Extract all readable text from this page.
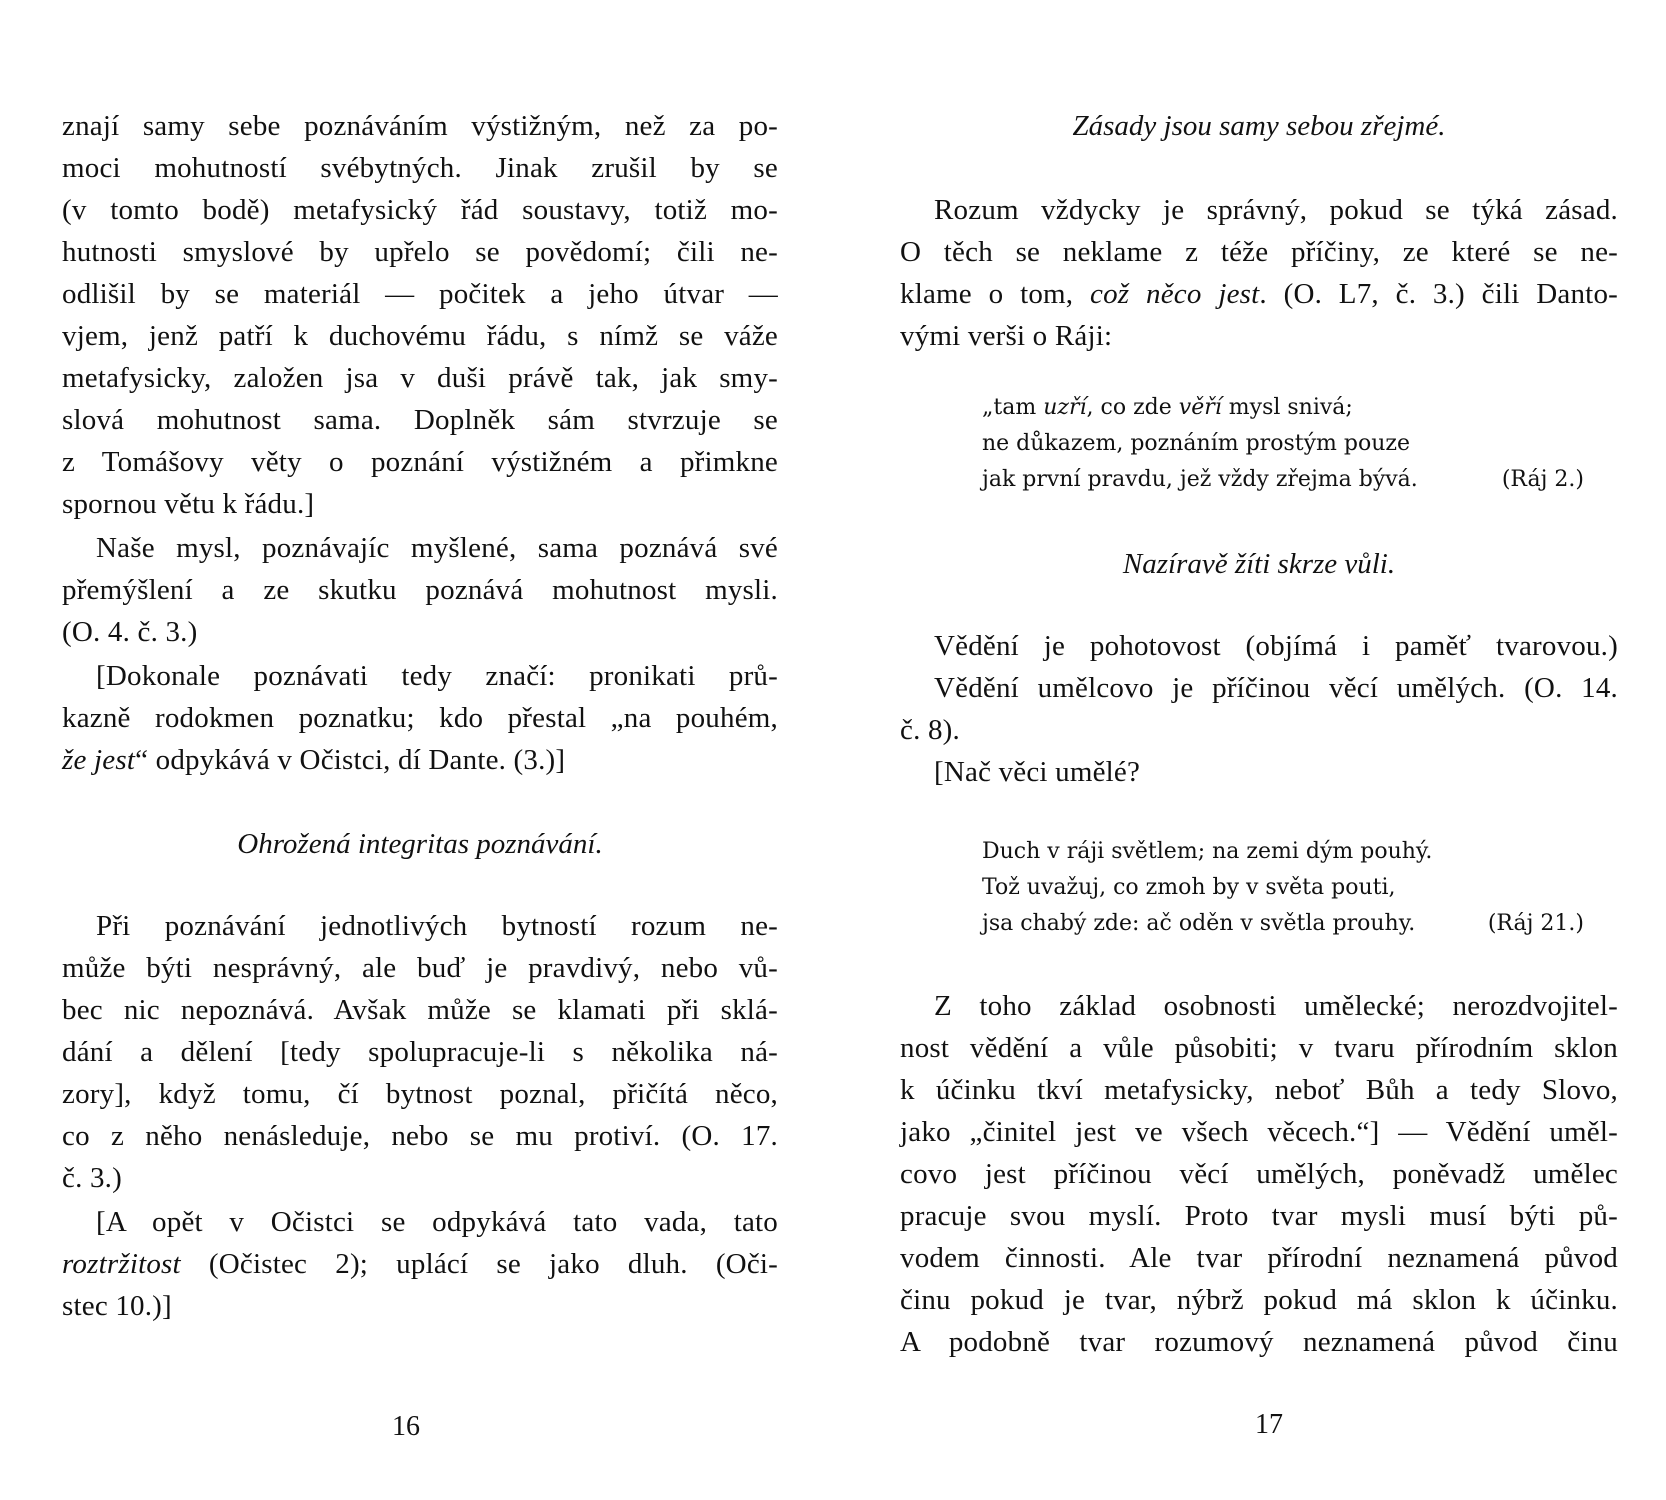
znají samy sebe poznáváním výstižným, než za po-
moci mohutností svébytných. Jinak zrušil by se
(v tomto bodě) metafysický řád soustavy, totiž mo-
hutnosti smyslové by upřelo se povědomí; čili ne-
odlišil by se materiál — počitek a jeho útvar —
vjem, jenž patří k duchovému řádu, s nímž se váže
metafysicky, založen jsa v duši právě tak, jak smy-
slová mohutnost sama. Doplněk sám stvrzuje se
z Tomášovy věty o poznání výstižném a přimkne
spornou větu k řádu.]
Naše mysl, poznávajíc myšlené, sama poznává své
přemýšlení a ze skutku poznává mohutnost mysli.
(O. 4. č. 3.)
[Dokonale poznávati tedy značí: pronikati prů-
kazně rodokmen poznatku; kdo přestal „na pouhém,
že jest“ odpykává v Očistci, dí Dante. (3.)]
Ohrožená integritas poznávání.
Při poznávání jednotlivých bytností rozum ne-
může býti nesprávný, ale buď je pravdivý, nebo vů-
bec nic nepoznává. Avšak může se klamati při sklá-
dání a dělení [tedy spolupracuje-li s několika ná-
zory], když tomu, čí bytnost poznal, přičítá něco,
co z něho nenásleduje, nebo se mu protiví. (O. 17.
č. 3.)
[A opět v Očistci se odpykává tato vada, tato
roztržitost (Očistec 2); uplácí se jako dluh. (Oči-
stec 10.)]
16
Zásady jsou samy sebou zřejmé.
Rozum vždycky je správný, pokud se týká zásad.
O těch se neklame z téže příčiny, ze které se ne-
klame o tom, což něco jest. (O. L7, č. 3.) čili Danto-
vými verši o Ráji:
„tam uzří, co zde věří mysl snivá;
ne důkazem, poznáním prostým pouze
jak první pravdu, jež vždy zřejma bývá.	(Ráj 2.)
Nazíravě žíti skrze vůli.
Vědění je pohotovost (objímá i paměť tvarovou.)
Vědění umělcovo je příčinou věcí umělých. (O. 14.
č. 8).
[Nač věci umělé?
Duch v ráji světlem; na zemi dým pouhý.
Tož uvažuj, co zmoh by v světa pouti,
jsa chabý zde: ač oděn v světla prouhy.	(Ráj 21.)
Z toho základ osobnosti umělecké; nerozdvojitel-
nost vědění a vůle působiti; v tvaru přírodním sklon
k účinku tkví metafysicky, neboť Bůh a tedy Slovo,
jako „činitel jest ve všech věcech.“] — Vědění uměl-
covo jest příčinou věcí umělých, poněvadž umělec
pracuje svou myslí. Proto tvar mysli musí býti pů-
vodem činnosti. Ale tvar přírodní neznamená původ
činu pokud je tvar, nýbrž pokud má sklon k účinku.
A podobně tvar rozumový neznamená původ činu
17
